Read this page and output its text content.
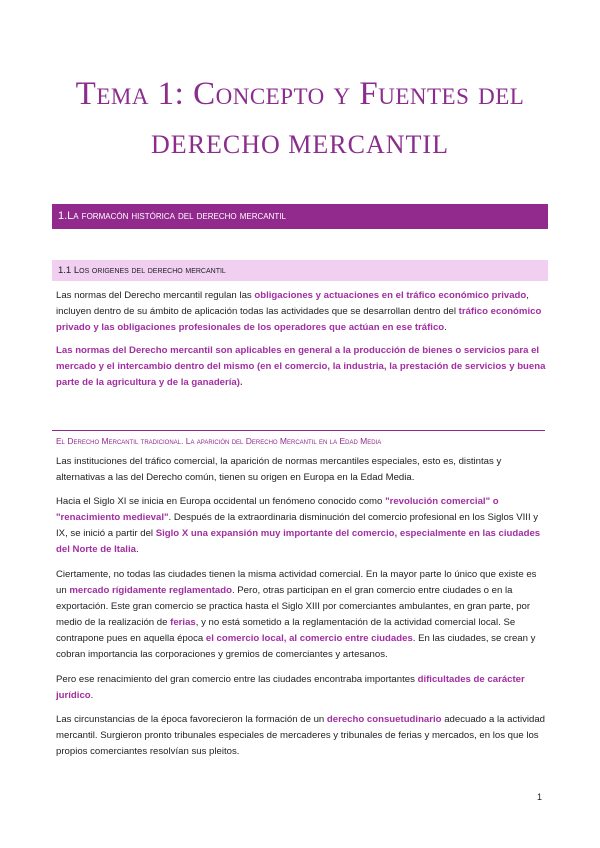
Tema 1: Concepto y Fuentes del
DERECHO MERCANTIL
1.La formacón histórica del derecho mercantil
1.1 Los origenes del derecho mercantil
Las normas del Derecho mercantil regulan las obligaciones y actuaciones en el tráfico económico privado, incluyen dentro de su ámbito de aplicación todas las actividades que se desarrollan dentro del tráfico económico privado y las obligaciones profesionales de los operadores que actúan en ese tráfico.
Las normas del Derecho mercantil son aplicables en general a la producción de bienes o servicios para el mercado y el intercambio dentro del mismo (en el comercio, la industria, la prestación de servicios y buena parte de la agricultura y de la ganadería).
El Derecho Mercantil tradicional. La aparición del Derecho Mercantil en la Edad Media
Las instituciones del tráfico comercial, la aparición de normas mercantiles especiales, esto es, distintas y alternativas a las del Derecho común, tienen su origen en Europa en la Edad Media.
Hacia el Siglo XI se inicia en Europa occidental un fenómeno conocido como "revolución comercial" o "renacimiento medieval". Después de la extraordinaria disminución del comercio profesional en los Siglos VIII y IX, se inició a partir del Siglo X una expansión muy importante del comercio, especialmente en las ciudades del Norte de Italia.
Ciertamente, no todas las ciudades tienen la misma actividad comercial. En la mayor parte lo único que existe es un mercado rígidamente reglamentado. Pero, otras participan en el gran comercio entre ciudades o en la exportación. Este gran comercio se practica hasta el Siglo XIII por comerciantes ambulantes, en gran parte, por medio de la realización de ferias, y no está sometido a la reglamentación de la actividad comercial local. Se contrapone pues en aquella época el comercio local, al comercio entre ciudades. En las ciudades, se crean y cobran importancia las corporaciones y gremios de comerciantes y artesanos.
Pero ese renacimiento del gran comercio entre las ciudades encontraba importantes dificultades de carácter jurídico.
Las circunstancias de la época favorecieron la formación de un derecho consuetudinario adecuado a la actividad mercantil. Surgieron pronto tribunales especiales de mercaderes y tribunales de ferias y mercados, en los que los propios comerciantes resolvían sus pleitos.
1
